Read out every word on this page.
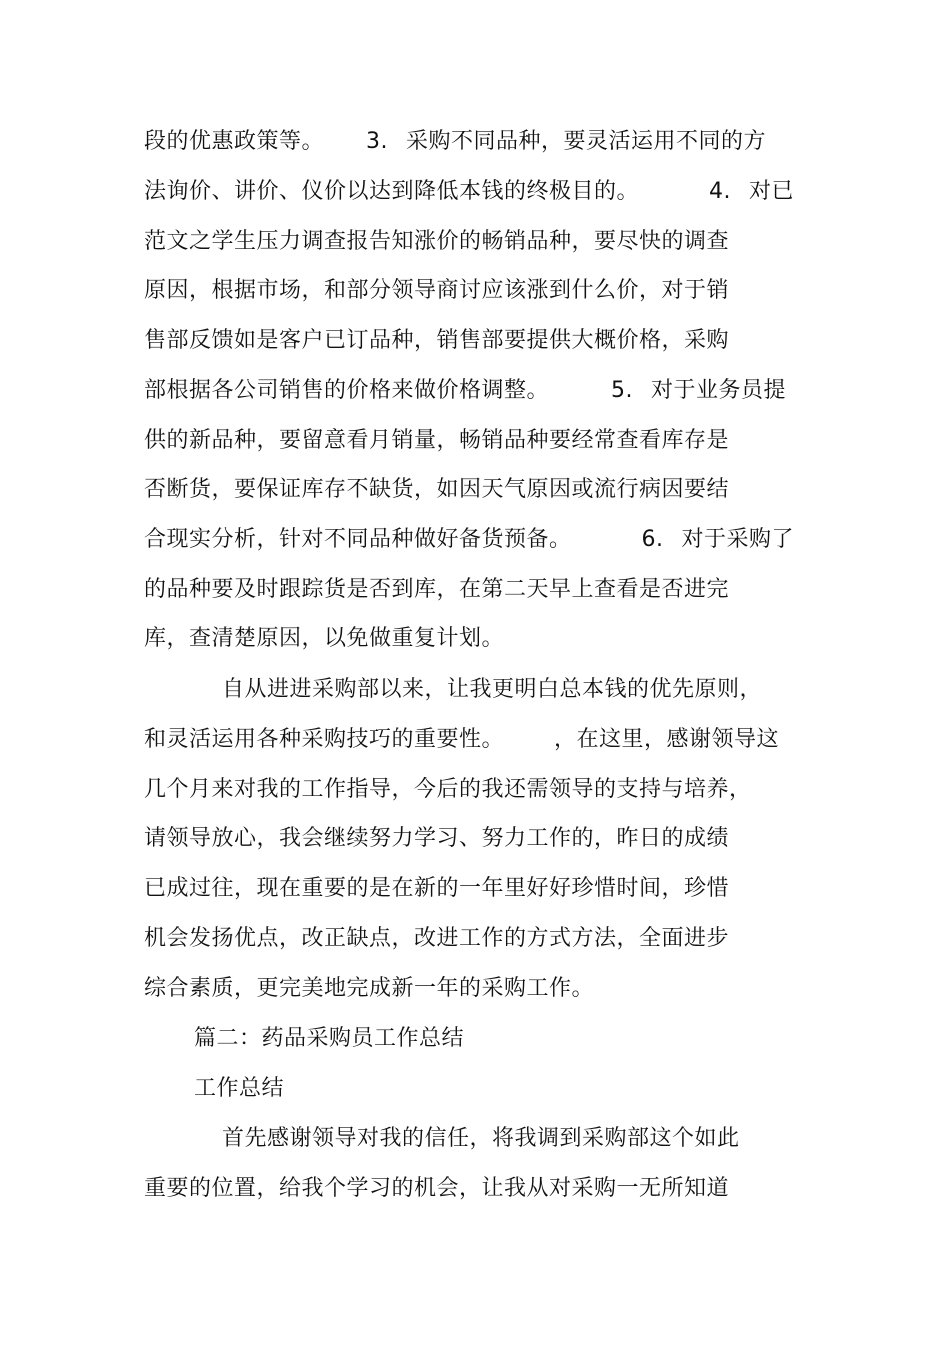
段的优惠政策等。 3. 采购不同品种，要灵活运用不同的方
法询价、讲价、仪价以达到降低本钱的终极目的。	4. 对已
范文之学生压力调查报告知涨价的畅销品种，要尽快的调查
原因，根据市场，和部分领导商讨应该涨到什么价，对于销
售部反馈如是客户已订品种，销售部要提供大概价格，采购
部根据各公司销售的价格来做价格调整。	5. 对于业务员提
供的新品种，要留意看月销量，畅销品种要经常查看库存是
否断货，要保证库存不缺货，如因天气原因或流行病因要结
合现实分析，针对不同品种做好备货预备。	6. 对于采购了
的品种要及时跟踪货是否到库，在第二天早上查看是否进完
库，查清楚原因，以免做重复计划。
自从进进采购部以来，让我更明白总本钱的优先原则，
和灵活运用各种采购技巧的重要性。 ，在这里，感谢领导这
几个月来对我的工作指导，今后的我还需领导的支持与培养，
请领导放心，我会继续努力学习、努力工作的，昨日的成绩
已成过往，现在重要的是在新的一年里好好珍惜时间，珍惜
机会发扬优点，改正缺点，改进工作的方式方法，全面进步
综合素质，更完美地完成新一年的采购工作。
篇二：药品采购员工作总结
工作总结
首先感谢领导对我的信任，将我调到采购部这个如此
重要的位置，给我个学习的机会，让我从对采购一无所知道
